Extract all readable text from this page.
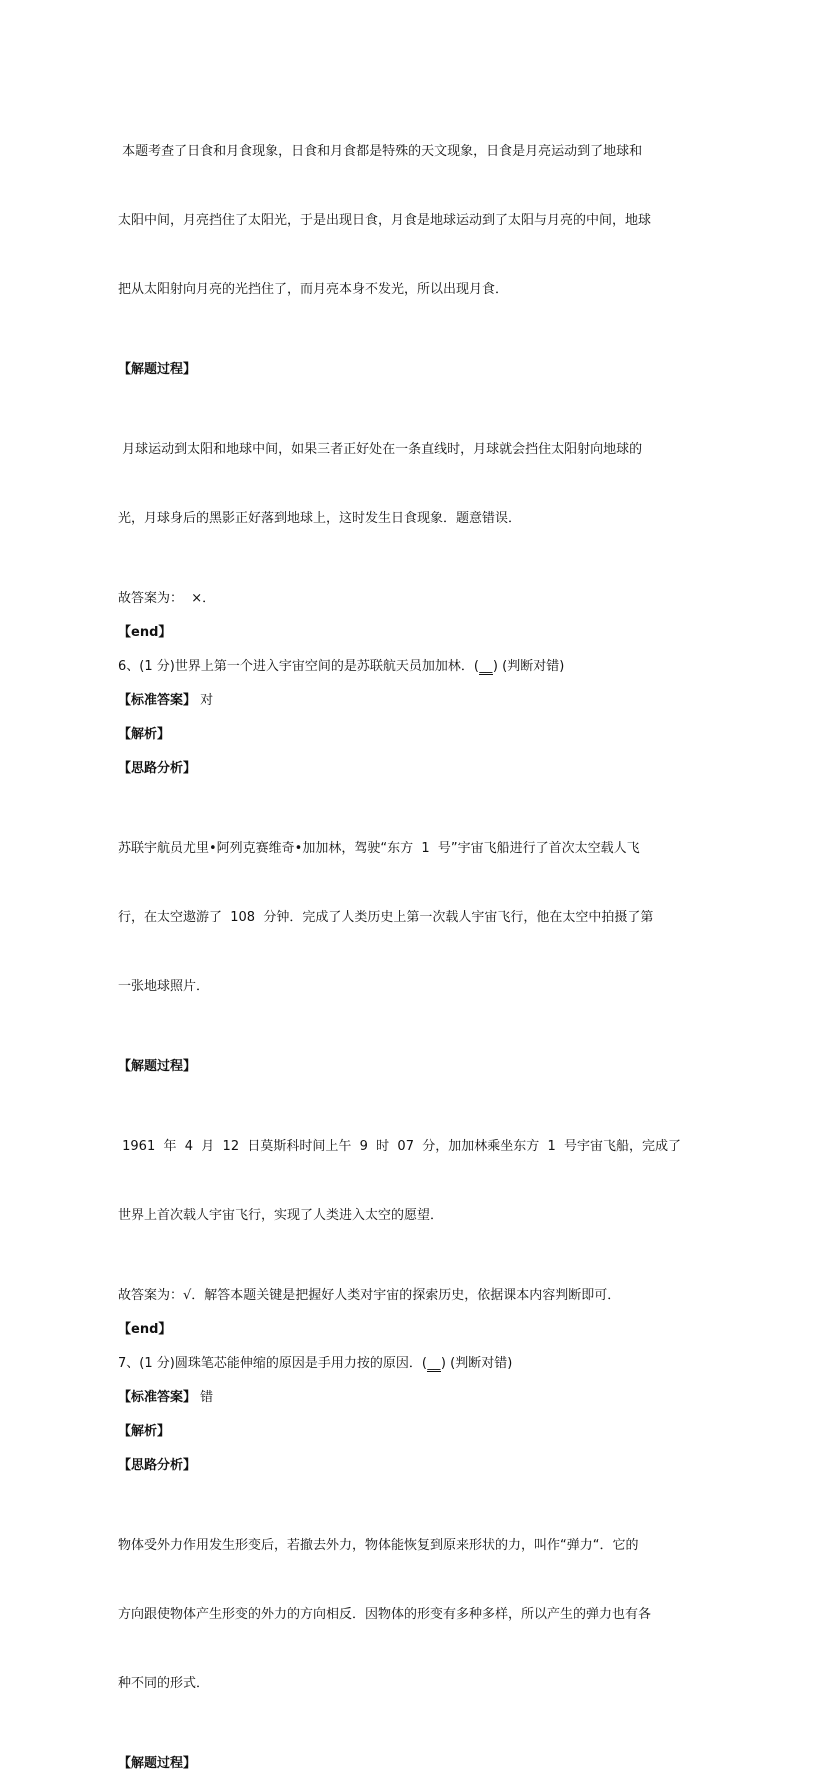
本题考查了日食和月食现象，日食和月食都是特殊的天文现象，日食是月亮运动到了地球和

太阳中间，月亮挡住了太阳光，于是出现日食，月食是地球运动到了太阳与月亮的中间，地球

把从太阳射向月亮的光挡住了，而月亮本身不发光，所以出现月食．

【解题过程】

月球运动到太阳和地球中间，如果三者正好处在一条直线时，月球就会挡住太阳射向地球的

光，月球身后的黑影正好落到地球上，这时发生日食现象．题意错误．

故答案为：  ×．
【end】
6、(1 分)世界上第一个进入宇宙空间的是苏联航天员加加林．(__) (判断对错)
【标准答案】 对
【解析】
【思路分析】

苏联宇航员尤里•阿列克赛维奇•加加林，驾驶“东方  1  号”宇宙飞船进行了首次太空载人飞

行，在太空遨游了  108  分钟．完成了人类历史上第一次载人宇宙飞行，他在太空中拍摄了第

一张地球照片．

【解题过程】

1961  年  4  月  12  日莫斯科时间上午  9  时  07  分，加加林乘坐东方  1  号宇宙飞船，完成了

世界上首次载人宇宙飞行，实现了人类进入太空的愿望．

故答案为：√．解答本题关键是把握好人类对宇宙的探索历史，依据课本内容判断即可．
【end】
7、(1 分)圆珠笔芯能伸缩的原因是手用力按的原因．(__) (判断对错)
【标准答案】 错
【解析】
【思路分析】

物体受外力作用发生形变后，若撤去外力，物体能恢复到原来形状的力，叫作“弹力“．它的

方向跟使物体产生形变的外力的方向相反．因物体的形变有多种多样，所以产生的弹力也有各

种不同的形式．

【解题过程】
